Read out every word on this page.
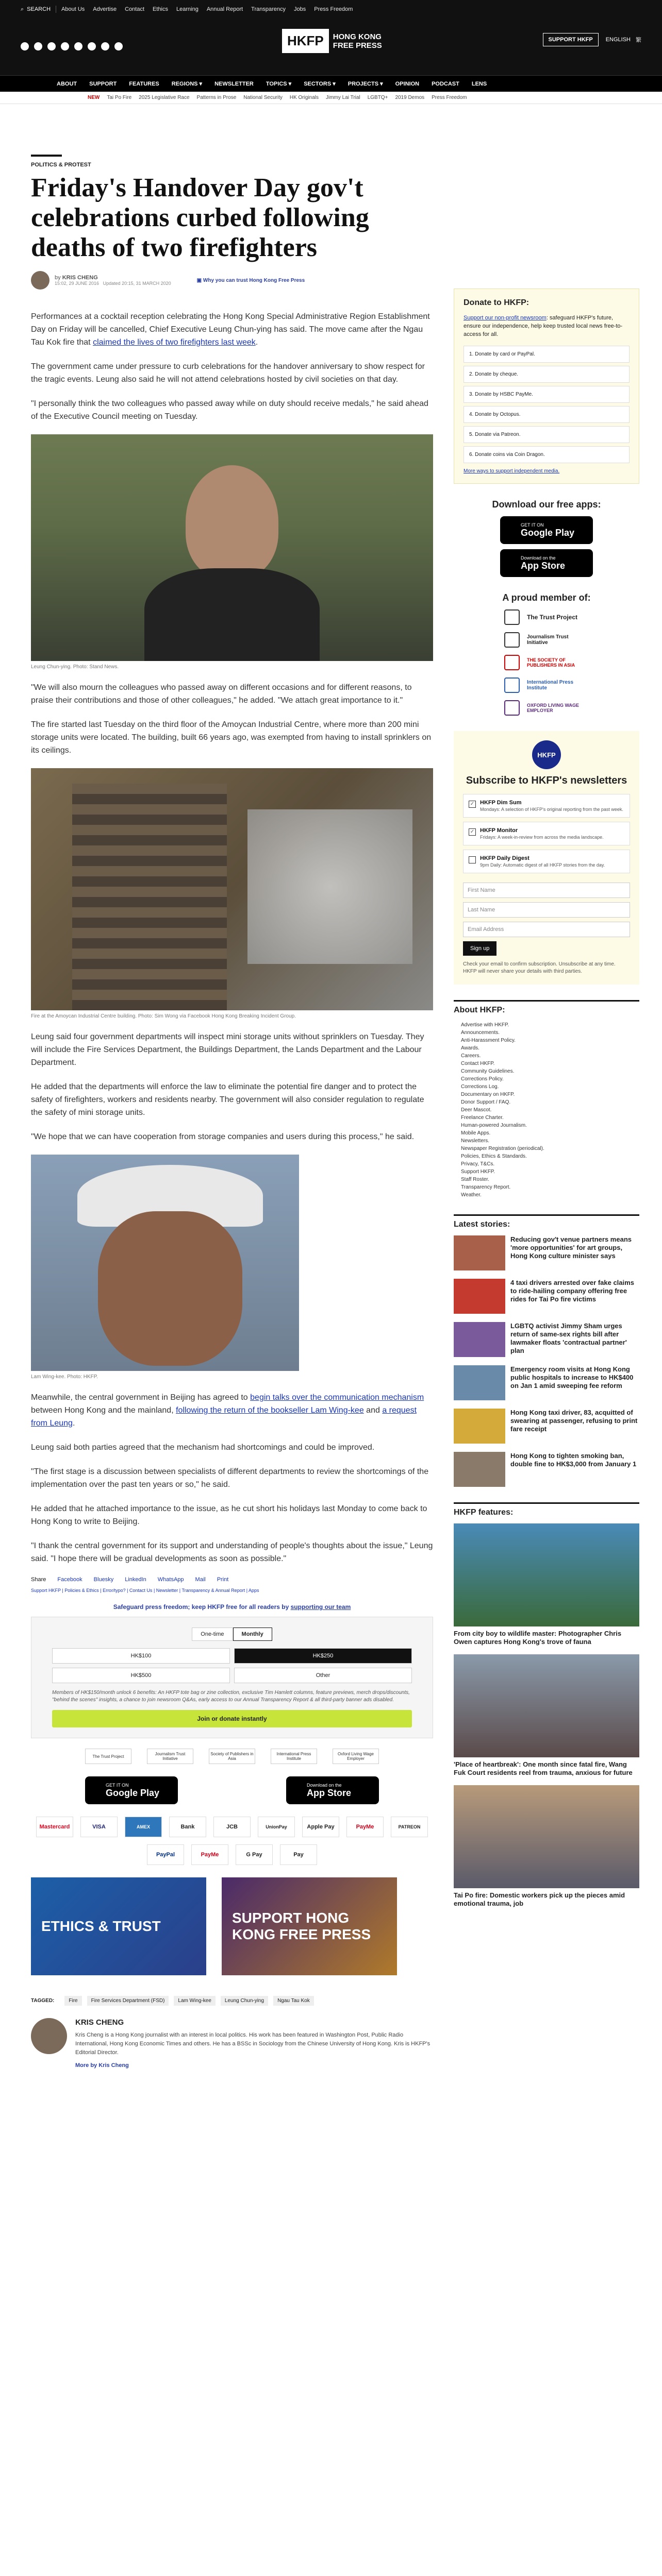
⌕ SEARCH About Us Advertise Contact Ethics Learning Annual Report Transparency Jobs Press Freedom
HKFP	HONG KONG
FREE PRESS
SUPPORT HKFP	ENGLISH 繁
ABOUT SUPPORT FEATURES REGIONS ▾ NEWSLETTER TOPICS ▾ SECTORS ▾ PROJECTS ▾ OPINION PODCAST LENS
NEW Tai Po Fire 2025 Legislative Race Patterns in Prose National Security HK Originals Jimmy Lai Trial LGBTQ+ 2019 Demos Press Freedom
POLITICS & PROTEST
Friday's Handover Day gov't celebrations curbed following deaths of two firefighters
by KRIS CHENG
15:02, 29 JUNE 2016 Updated 20:15, 31 MARCH 2020
▣ Why you can trust Hong Kong Free Press

Performances at a cocktail reception celebrating the Hong Kong Special Administrative Region Establishment Day on Friday will be cancelled, Chief Executive Leung Chun-ying has said. The move came after the Ngau Tau Kok fire that claimed the lives of two firefighters last week.

The government came under pressure to curb celebrations for the handover anniversary to show respect for the tragic events. Leung also said he will not attend celebrations hosted by civil societies on that day.

"I personally think the two colleagues who passed away while on duty should receive medals," he said ahead of the Executive Council meeting on Tuesday.

Leung Chun-ying. Photo: Stand News.

"We will also mourn the colleagues who passed away on different occasions and for different reasons, to praise their contributions and those of other colleagues," he added. "We attach great importance to it."

The fire started last Tuesday on the third floor of the Amoycan Industrial Centre, where more than 200 mini storage units were located. The building, built 66 years ago, was exempted from having to install sprinklers on its ceilings.

Fire at the Amoycan Industrial Centre building. Photo: Sim Wong via Facebook Hong Kong Breaking Incident Group.

Leung said four government departments will inspect mini storage units without sprinklers on Tuesday. They will include the Fire Services Department, the Buildings Department, the Lands Department and the Labour Department.

He added that the departments will enforce the law to eliminate the potential fire danger and to protect the safety of firefighters, workers and residents nearby. The government will also consider regulation to regulate the safety of mini storage units.

"We hope that we can have cooperation from storage companies and users during this process," he said.

Lam Wing-kee. Photo: HKFP.

Meanwhile, the central government in Beijing has agreed to begin talks over the communication mechanism between Hong Kong and the mainland, following the return of the bookseller Lam Wing-kee and a request from Leung.

Leung said both parties agreed that the mechanism had shortcomings and could be improved.

"The first stage is a discussion between specialists of different departments to review the shortcomings of the implementation over the past ten years or so," he said.

He added that he attached importance to the issue, as he cut short his holidays last Monday to come back to Hong Kong to write to Beijing.

"I thank the central government for its support and understanding of people's thoughts about the issue," Leung said. "I hope there will be gradual developments as soon as possible."

Share Facebook Bluesky LinkedIn WhatsApp Mail Print
Support HKFP | Policies & Ethics | Error/typo? | Contact Us | Newsletter | Transparency & Annual Report | Apps
Safeguard press freedom; keep HKFP free for all readers by supporting our team
One-time	Monthly
HK$100	HK$250
HK$500	Other
Members of HK$150/month unlock 6 benefits: An HKFP tote bag or zine collection, exclusive Tim Hamlett columns, feature previews, merch drops/discounts, "behind the scenes" insights, a chance to join newsroom Q&As, early access to our Annual Transparency Report & all third-party banner ads disabled.
Join or donate instantly
The Trust Project	Journalism Trust Initiative
Society of Publishers in Asia
International Press Institute
Oxford Living Wage Employer
GET IT ON
Google Play
Download on the
App Store
Mastercard	VISA	AMEX	Bank	JCB	UnionPay	Apple Pay	PayMe	PATREON
PayPal	PayMe	G Pay	Pay
ETHICS & TRUST
SUPPORT HONG KONG FREE PRESS
TAGGED:	Fire	Fire Services Department (FSD)	Lam Wing-kee	Leung Chun-ying	Ngau Tau Kok
KRIS CHENG
Kris Cheng is a Hong Kong journalist with an interest in local politics. His work has been featured in Washington Post, Public Radio International, Hong Kong Economic Times and others. He has a BSSc in Sociology from the Chinese University of Hong Kong. Kris is HKFP's Editorial Director.
More by Kris Cheng
Donate to HKFP:
Support our non-profit newsroom: safeguard HKFP's future, ensure our independence, help keep trusted local news free-to-access for all.
1. Donate by card or PayPal.
2. Donate by cheque.
3. Donate by HSBC PayMe.
4. Donate by Octopus.
5. Donate via Patreon.
6. Donate coins via Coin Dragon.
More ways to support independent media.
Download our free apps:
GET IT ON
Google Play
Download on the
App Store
A proud member of:
The Trust Project
Journalism Trust Initiative
THE SOCIETY OF PUBLISHERS IN ASIA
International Press Institute
OXFORD LIVING WAGE EMPLOYER
HKFP
Subscribe to HKFP's newsletters
✓ HKFP Dim Sum
Mondays: A selection of HKFP's original reporting from the past week.
✓ HKFP Monitor
Fridays: A week-in-review from across the media landscape.
HKFP Daily Digest
9pm Daily: Automatic digest of all HKFP stories from the day.
First Name
Last Name
Email Address
Sign up
Check your email to confirm subscription. Unsubscribe at any time. HKFP will never share your details with third parties.
About HKFP:
Advertise with HKFP.
Announcements.
Anti-Harassment Policy.
Awards.
Careers.
Contact HKFP.
Community Guidelines.
Corrections Policy.
Corrections Log.
Documentary on HKFP.
Donor Support / FAQ.
Deer Mascot.
Freelance Charter.
Human-powered Journalism.
Mobile Apps.
Newsletters.
Newspaper Registration (periodical).
Policies, Ethics & Standards.
Privacy, T&Cs.
Support HKFP.
Staff Roster.
Transparency Report.
Weather.
Latest stories:
Reducing gov't venue partners means 'more opportunities' for art groups, Hong Kong culture minister says
4 taxi drivers arrested over fake claims to ride-hailing company offering free rides for Tai Po fire victims
LGBTQ activist Jimmy Sham urges return of same-sex rights bill after lawmaker floats 'contractual partner' plan
Emergency room visits at Hong Kong public hospitals to increase to HK$400 on Jan 1 amid sweeping fee reform
Hong Kong taxi driver, 83, acquitted of swearing at passenger, refusing to print fare receipt
Hong Kong to tighten smoking ban, double fine to HK$3,000 from January 1
HKFP features:
From city boy to wildlife master: Photographer Chris Owen captures Hong Kong's trove of fauna
'Place of heartbreak': One month since fatal fire, Wang Fuk Court residents reel from trauma, anxious for future
Tai Po fire: Domestic workers pick up the pieces amid emotional trauma, job
